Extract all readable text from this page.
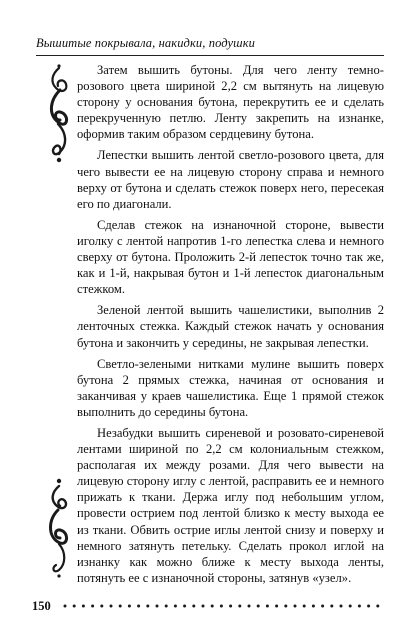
Вышитые покрывала, накидки, подушки

Затем вышить бутоны. Для чего ленту темно-розового цвета шириной 2,2 см вытянуть на лицевую сторону у основания бутона, перекрутить ее и сделать перекрученную петлю. Ленту закрепить на изнанке, оформив таким образом сердцевину бутона.

Лепестки вышить лентой светло-розового цвета, для чего вывести ее на лицевую сторону справа и немного верху от бутона и сделать стежок поверх него, пересекая его по диагонали.

Сделав стежок на изнаночной стороне, вывести иголку с лентой напротив 1-го лепестка слева и немного сверху от бутона. Проложить 2-й лепесток точно так же, как и 1-й, накрывая бутон и 1-й лепесток диагональным стежком.

Зеленой лентой вышить чашелистики, выполнив 2 ленточных стежка. Каждый стежок начать у основания бутона и закончить у середины, не закрывая лепестки.

Светло-зелеными нитками мулине вышить поверх бутона 2 прямых стежка, начиная от основания и заканчивая у краев чашелистика. Еще 1 прямой стежок выполнить до середины бутона.

Незабудки вышить сиреневой и розовато-сиреневой лентами шириной по 2,2 см колониальным стежком, располагая их между розами. Для чего вывести на лицевую сторону иглу с лентой, расправить ее и немного прижать к ткани. Держа иглу под небольшим углом, провести острием под лентой близко к месту выхода ее из ткани. Обвить острие иглы лентой снизу и поверху и немного затянуть петельку. Сделать прокол иглой на изнанку как можно ближе к месту выхода ленты, потянуть ее с изнаночной стороны, затянув «узел».

150
